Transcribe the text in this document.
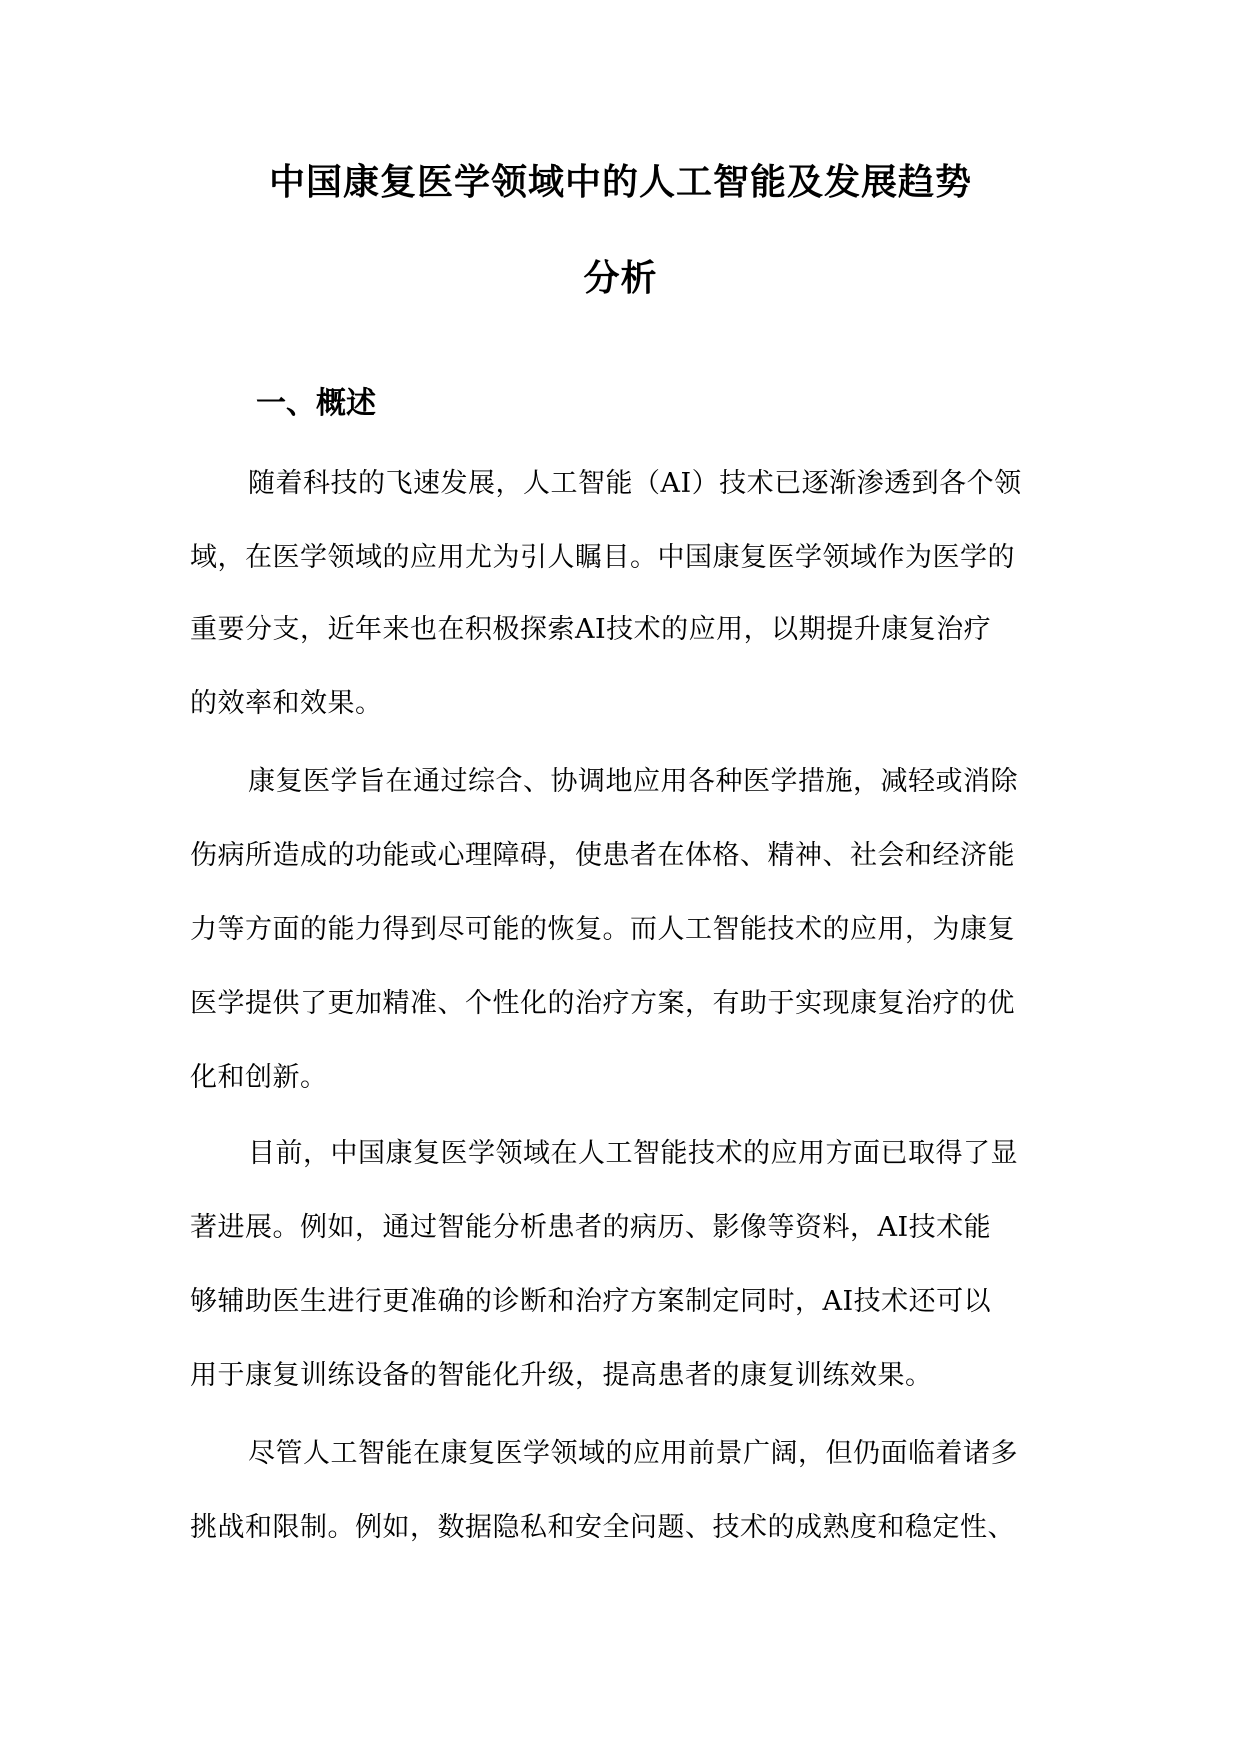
中国康复医学领域中的人工智能及发展趋势
分析
一、概述
随着科技的飞速发展，人工智能（AI）技术已逐渐渗透到各个领
域，在医学领域的应用尤为引人瞩目。中国康复医学领域作为医学的
重要分支，近年来也在积极探索AI技术的应用，以期提升康复治疗
的效率和效果。
康复医学旨在通过综合、协调地应用各种医学措施，减轻或消除
伤病所造成的功能或心理障碍，使患者在体格、精神、社会和经济能
力等方面的能力得到尽可能的恢复。而人工智能技术的应用，为康复
医学提供了更加精准、个性化的治疗方案，有助于实现康复治疗的优
化和创新。
目前，中国康复医学领域在人工智能技术的应用方面已取得了显
著进展。例如，通过智能分析患者的病历、影像等资料，AI技术能
够辅助医生进行更准确的诊断和治疗方案制定同时，AI技术还可以
用于康复训练设备的智能化升级，提高患者的康复训练效果。
尽管人工智能在康复医学领域的应用前景广阔，但仍面临着诸多
挑战和限制。例如，数据隐私和安全问题、技术的成熟度和稳定性、
